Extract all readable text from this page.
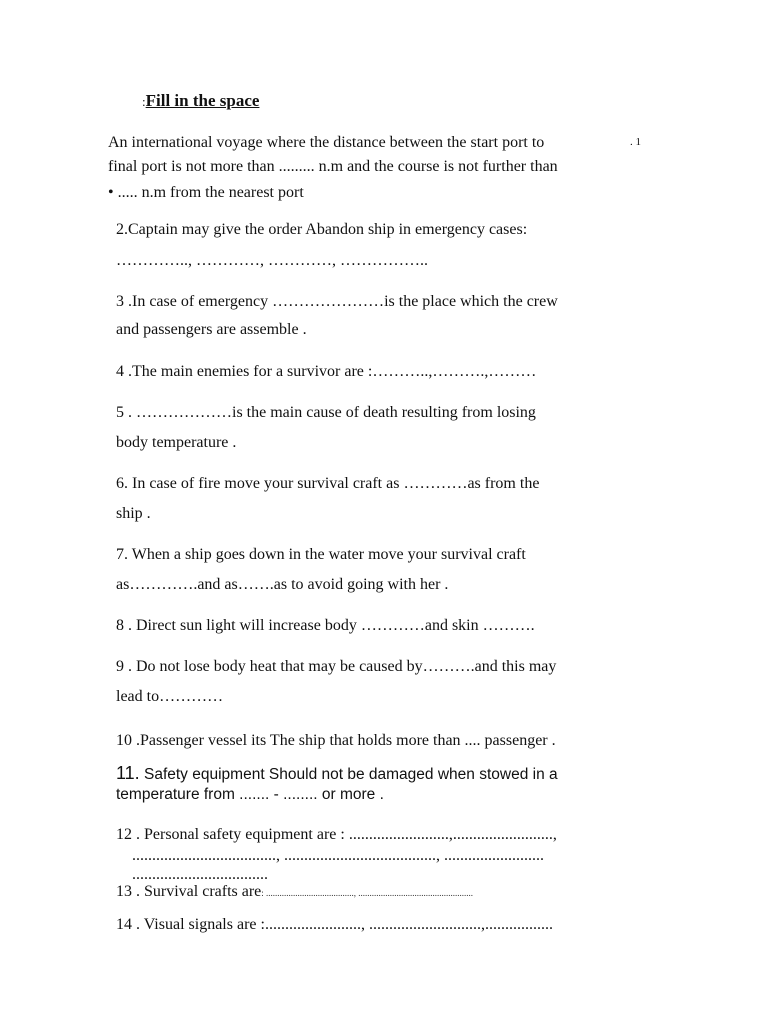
:Fill in the space
. 1
An international voyage where the distance between the start port to
final port is not more than ......... n.m and the course is not further than
• ..... n.m from the nearest port
2.Captain may give the order Abandon ship in emergency cases:
………….., …………, …………, ……………..
3 .In case of emergency …………………is the place which the crew
and passengers are assemble .
4 .The main enemies for a survivor are :………..,……….,………
5 . ………………is the main cause of death resulting from losing
body temperature .
6. In case of fire move your survival craft as …………as from the
ship .
7. When a ship goes down in the water move your survival craft
as………….and as…….as to avoid going with her .
8 . Direct sun light will increase body …………and skin ……….
9 . Do not lose body heat that may be caused by……….and this may
lead to…………
10 .Passenger vessel its The ship that holds more than .... passenger .
11. Safety equipment Should not be damaged when stowed in a
temperature from ....... - ........ or more .
12 . Personal safety equipment are : .........................,.........................,
...................................., ......................................, .........................
..................................
13 . Survival crafts are: ......................................., ...................................................
14 . Visual signals are :........................, ............................,.................
